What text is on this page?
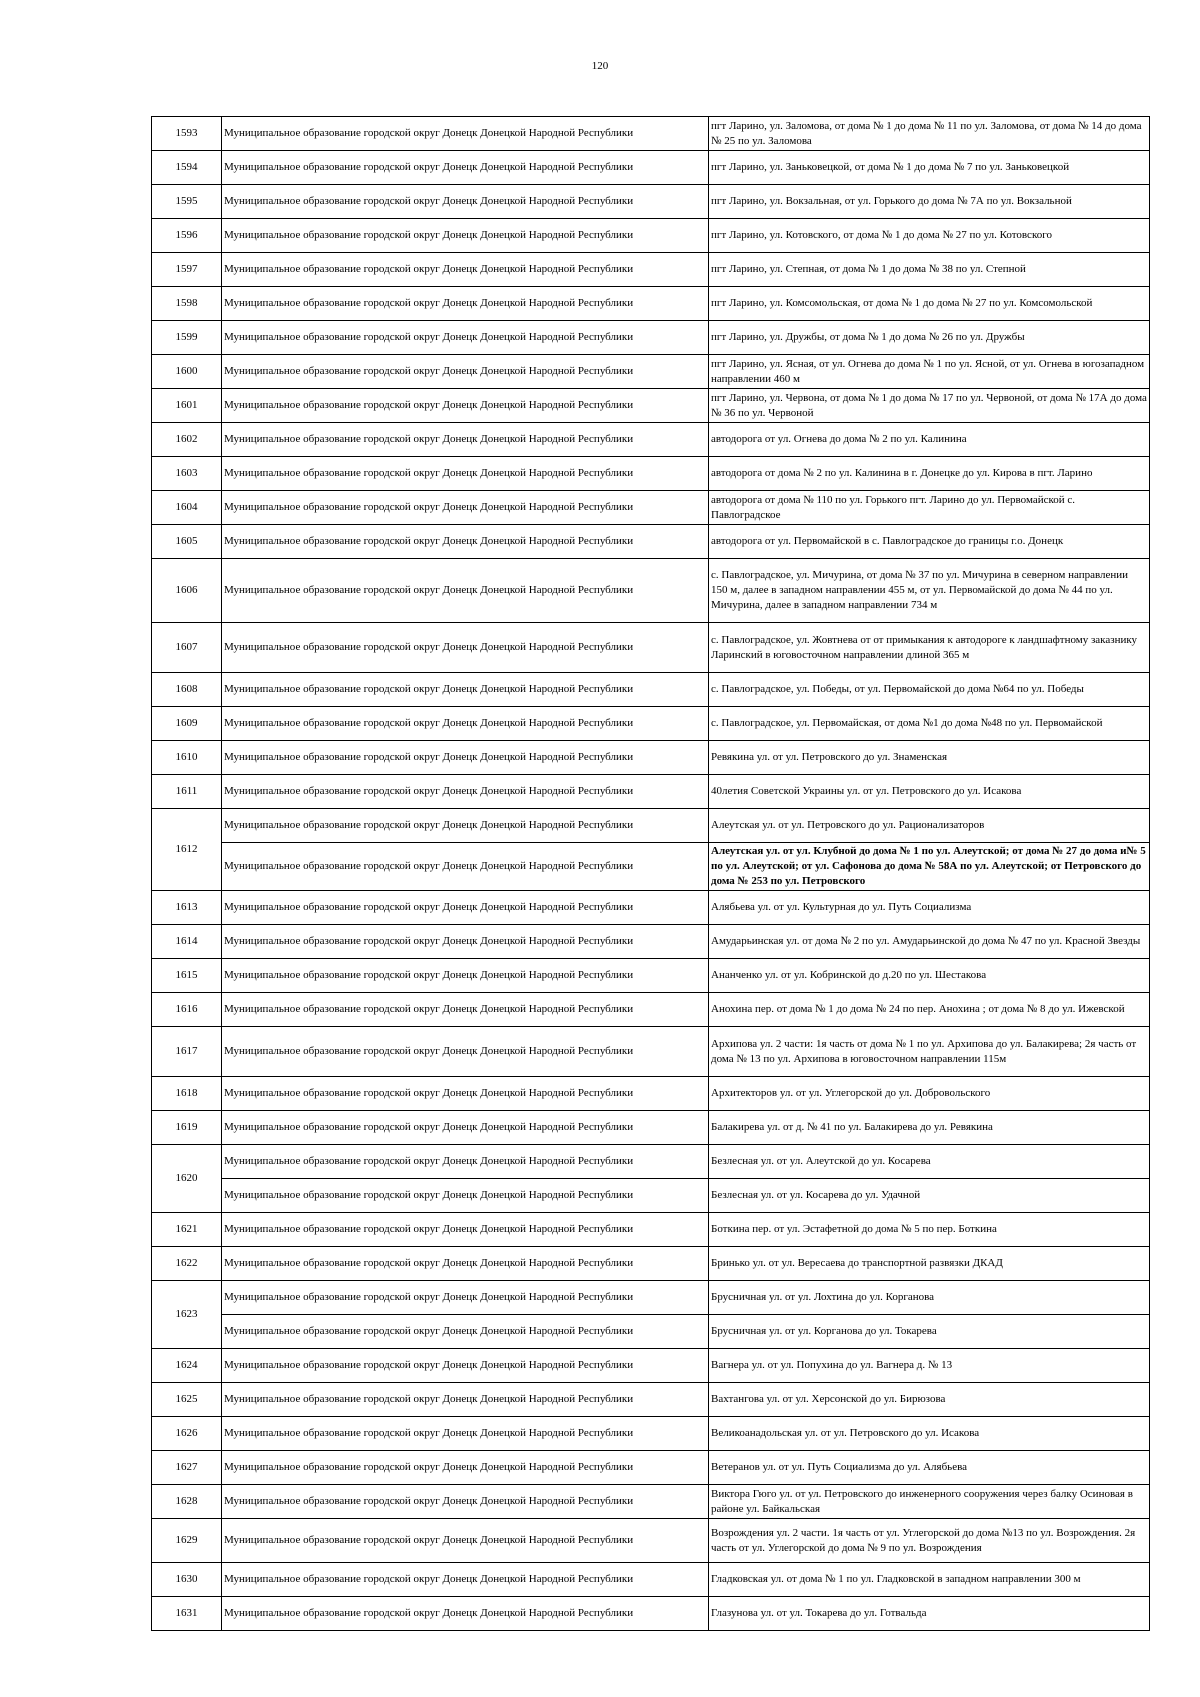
120
1593	Муниципальное образование городской округ Донецк Донецкой Народной Республики	пгт Ларино, ул. Заломова, от дома № 1 до дома № 11 по ул. Заломова, от дома № 14 до дома № 25 по ул. Заломова
1594	Муниципальное образование городской округ Донецк Донецкой Народной Республики	пгт Ларино, ул. Заньковецкой, от дома № 1 до дома № 7 по ул. Заньковецкой
1595	Муниципальное образование городской округ Донецк Донецкой Народной Республики	пгт Ларино, ул. Вокзальная, от ул. Горького до дома № 7А по ул. Вокзальной
1596	Муниципальное образование городской округ Донецк Донецкой Народной Республики	пгт Ларино, ул. Котовского, от дома № 1 до дома № 27 по ул. Котовского
1597	Муниципальное образование городской округ Донецк Донецкой Народной Республики	пгт Ларино, ул. Степная, от дома № 1 до дома № 38 по ул. Степной
1598	Муниципальное образование городской округ Донецк Донецкой Народной Республики	пгт Ларино, ул. Комсомольская, от дома № 1 до дома № 27 по ул. Комсомольской
1599	Муниципальное образование городской округ Донецк Донецкой Народной Республики	пгт Ларино, ул. Дружбы, от дома № 1 до дома № 26 по ул. Дружбы
1600	Муниципальное образование городской округ Донецк Донецкой Народной Республики	пгт Ларино, ул. Ясная, от ул. Огнева до дома № 1 по ул. Ясной, от ул. Огнева в югозападном направлении 460 м
1601	Муниципальное образование городской округ Донецк Донецкой Народной Республики	пгт Ларино, ул. Червона, от дома № 1 до дома № 17 по ул. Червоной, от дома № 17А до дома № 36 по ул. Червоной
1602	Муниципальное образование городской округ Донецк Донецкой Народной Республики	автодорога от ул. Огнева до дома № 2 по ул. Калинина
1603	Муниципальное образование городской округ Донецк Донецкой Народной Республики	автодорога от дома № 2 по ул. Калинина в г. Донецке до ул. Кирова в пгт. Ларино
1604	Муниципальное образование городской округ Донецк Донецкой Народной Республики	автодорога от дома № 110 по ул. Горького пгт. Ларино до ул. Первомайской с. Павлоградское
1605	Муниципальное образование городской округ Донецк Донецкой Народной Республики	автодорога от ул. Первомайской в с. Павлоградское до границы г.о. Донецк
1606	Муниципальное образование городской округ Донецк Донецкой Народной Республики	с. Павлоградское, ул. Мичурина, от дома № 37 по ул. Мичурина в северном направлении 150 м, далее в западном направлении 455 м, от ул. Первомайской до дома № 44 по ул. Мичурина, далее в западном направлении 734 м
1607	Муниципальное образование городской округ Донецк Донецкой Народной Республики	с. Павлоградское, ул. Жовтнева от от примыкания к автодороге к ландшафтному заказнику Ларинский в юговосточном направлении длиной 365 м
1608	Муниципальное образование городской округ Донецк Донецкой Народной Республики	с. Павлоградское, ул. Победы, от ул. Первомайской до дома №64 по ул. Победы
1609	Муниципальное образование городской округ Донецк Донецкой Народной Республики	с. Павлоградское, ул. Первомайская, от дома №1 до дома №48 по ул. Первомайской
1610	Муниципальное образование городской округ Донецк Донецкой Народной Республики	Ревякина ул. от ул. Петровского до ул. Знаменская
1611	Муниципальное образование городской округ Донецк Донецкой Народной Республики	40летия Советской Украины ул. от ул. Петровского до ул. Исакова
1612	Муниципальное образование городской округ Донецк Донецкой Народной Республики	Алеутская ул. от ул. Петровского до ул. Рационализаторов
	Муниципальное образование городской округ Донецк Донецкой Народной Республики	Алеутская ул. от ул. Клубной до дома № 1 по ул. Алеутской; от дома № 27 до дома и№ 5 по ул. Алеутской; от ул. Сафонова до дома № 58А по ул. Алеутской; от Петровского до дома № 253 по ул. Петровского
1613	Муниципальное образование городской округ Донецк Донецкой Народной Республики	Алябьева ул. от ул. Культурная до ул. Путь Социализма
1614	Муниципальное образование городской округ Донецк Донецкой Народной Республики	Амударьинская ул. от дома № 2 по ул. Амударьинской до дома № 47 по ул. Красной Звезды
1615	Муниципальное образование городской округ Донецк Донецкой Народной Республики	Ананченко ул. от ул. Кобринской до д.20 по ул. Шестакова
1616	Муниципальное образование городской округ Донецк Донецкой Народной Республики	Анохина пер. от дома № 1 до дома № 24 по пер. Анохина ; от дома № 8 до ул. Ижевской
1617	Муниципальное образование городской округ Донецк Донецкой Народной Республики	Архипова ул. 2 части: 1я часть от дома № 1 по ул. Архипова до ул. Балакирева; 2я часть от дома № 13 по ул. Архипова в юговосточном направлении 115м
1618	Муниципальное образование городской округ Донецк Донецкой Народной Республики	Архитекторов ул. от ул. Углегорской до ул. Добровольского
1619	Муниципальное образование городской округ Донецк Донецкой Народной Республики	Балакирева ул. от д. № 41 по ул. Балакирева до ул. Ревякина
1620	Муниципальное образование городской округ Донецк Донецкой Народной Республики	Безлесная ул. от ул. Алеутской до ул. Косарева
	Муниципальное образование городской округ Донецк Донецкой Народной Республики	Безлесная ул. от ул. Косарева до ул. Удачной
1621	Муниципальное образование городской округ Донецк Донецкой Народной Республики	Боткина пер. от ул. Эстафетной до дома № 5 по пер. Боткина
1622	Муниципальное образование городской округ Донецк Донецкой Народной Республики	Бринько ул. от ул. Вересаева до транспортной развязки ДКАД
1623	Муниципальное образование городской округ Донецк Донецкой Народной Республики	Брусничная ул. от ул. Лохтина до ул. Корганова
	Муниципальное образование городской округ Донецк Донецкой Народной Республики	Брусничная ул. от ул. Корганова до ул. Токарева
1624	Муниципальное образование городской округ Донецк Донецкой Народной Республики	Вагнера ул. от ул. Попухина до ул. Вагнера д. № 13
1625	Муниципальное образование городской округ Донецк Донецкой Народной Республики	Вахтангова ул. от ул. Херсонской до ул. Бирюзова
1626	Муниципальное образование городской округ Донецк Донецкой Народной Республики	Великоанадольская ул. от ул. Петровского до ул. Исакова
1627	Муниципальное образование городской округ Донецк Донецкой Народной Республики	Ветеранов ул. от ул. Путь Социализма до ул. Алябьева
1628	Муниципальное образование городской округ Донецк Донецкой Народной Республики	Виктора Гюго ул. от ул. Петровского до инженерного сооружения через балку Осиновая в районе ул. Байкальская
1629	Муниципальное образование городской округ Донецк Донецкой Народной Республики	Возрождения ул. 2 части. 1я часть от ул. Углегорской до дома №13 по ул. Возрождения. 2я часть от ул. Углегорской до дома № 9 по ул. Возрождения
1630	Муниципальное образование городской округ Донецк Донецкой Народной Республики	Гладковская ул. от дома № 1 по ул. Гладковской в западном направлении 300 м
1631	Муниципальное образование городской округ Донецк Донецкой Народной Республики	Глазунова ул. от ул. Токарева до ул. Готвальда
